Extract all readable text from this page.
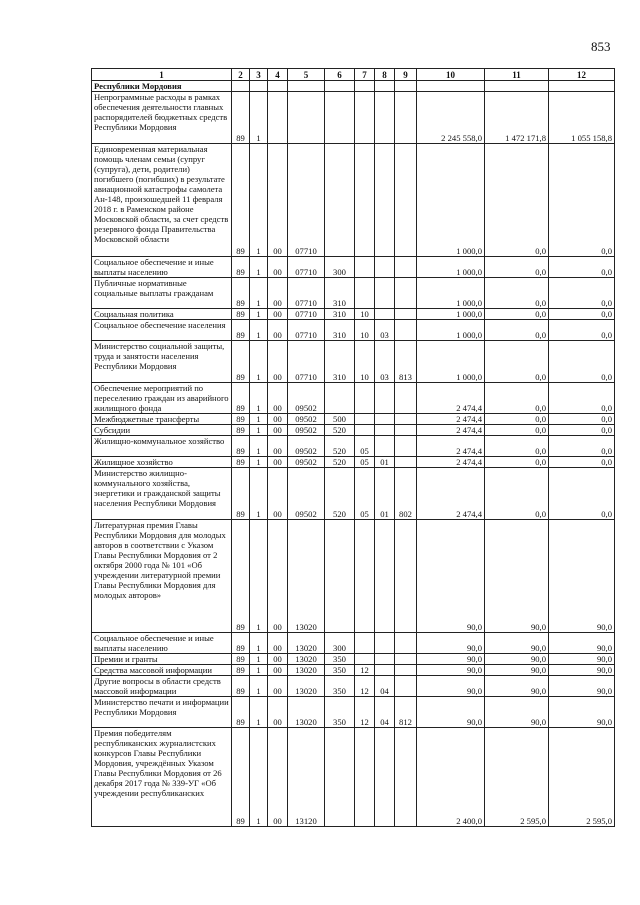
853
1	2	3	4	5	6	7	8	9	10	11	12
Республики Мордовия											
Непрограммные расходы в рамках обеспечения деятельности главных распорядителей бюджетных средств Республики Мордовия	89	1							2 245 558,0	1 472 171,8	1 055 158,8
Единовременная материальная помощь членам семьи (супруг (супруга), дети, родители) погибшего (погибших) в результате авиационной катастрофы самолета Ан-148, произошедшей 11 февраля 2018 г. в Раменском районе Московской области, за счет средств резервного фонда Правительства Московской области	89	1	00	07710					1 000,0	0,0	0,0
Социальное обеспечение и иные выплаты населению	89	1	00	07710	300				1 000,0	0,0	0,0
Публичные нормативные социальные выплаты гражданам	89	1	00	07710	310				1 000,0	0,0	0,0
Социальная политика	89	1	00	07710	310	10			1 000,0	0,0	0,0
Социальное обеспечение населения	89	1	00	07710	310	10	03		1 000,0	0,0	0,0
Министерство социальной защиты, труда и занятости населения Республики Мордовия	89	1	00	07710	310	10	03	813	1 000,0	0,0	0,0
Обеспечение мероприятий по переселению граждан из аварийного жилищного фонда	89	1	00	09502					2 474,4	0,0	0,0
Межбюджетные трансферты	89	1	00	09502	500				2 474,4	0,0	0,0
Субсидии	89	1	00	09502	520				2 474,4	0,0	0,0
Жилищно-коммунальное хозяйство	89	1	00	09502	520	05			2 474,4	0,0	0,0
Жилищное хозяйство	89	1	00	09502	520	05	01		2 474,4	0,0	0,0
Министерство жилищно-коммунального хозяйства, энергетики и гражданской защиты населения Республики Мордовия	89	1	00	09502	520	05	01	802	2 474,4	0,0	0,0
Литературная премия Главы Республики Мордовия для молодых авторов в соответствии с Указом Главы Республики Мордовия от 2 октября 2000 года № 101 «Об учреждении литературной премии Главы Республики Мордовия для молодых авторов»	89	1	00	13020					90,0	90,0	90,0
Социальное обеспечение и иные выплаты населению	89	1	00	13020	300				90,0	90,0	90,0
Премии и гранты	89	1	00	13020	350				90,0	90,0	90,0
Средства массовой информации	89	1	00	13020	350	12			90,0	90,0	90,0
Другие вопросы в области средств массовой информации	89	1	00	13020	350	12	04		90,0	90,0	90,0
Министерство печати и информации Республики Мордовия	89	1	00	13020	350	12	04	812	90,0	90,0	90,0
Премия победителям республиканских журналистских конкурсов Главы Республики Мордовия, учреждённых Указом Главы Республики Мордовия от 26 декабря 2017 года № 339-УГ «Об учреждении республиканских	89	1	00	13120					2 400,0	2 595,0	2 595,0
